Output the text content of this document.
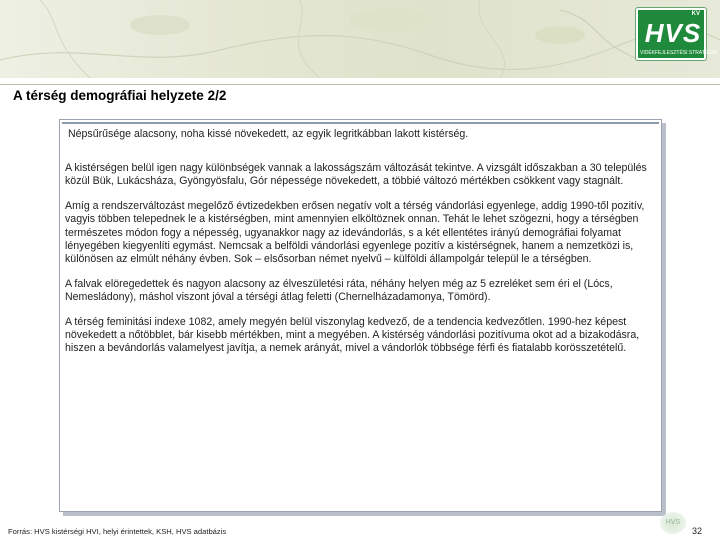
KV
HVS
VIDÉKFEJLESZTÉSI STRATÉGIA
A térség demográfiai helyzete 2/2
Népsűrűsége alacsony, noha kissé növekedett, az egyik legritkábban lakott kistérség.

A kistérségen belül igen nagy különbségek vannak a lakosságszám változását tekintve. A vizsgált időszakban a 30 település közül Bük, Lukácsháza, Gyöngyösfalu, Gór népessége növekedett, a többié változó mértékben csökkent vagy stagnált.

Amíg a rendszerváltozást megelőző évtizedekben erősen negatív volt a térség vándorlási egyenlege, addig 1990-től pozitív, vagyis többen telepednek le a kistérségben, mint amennyien elköltöznek onnan. Tehát le lehet szögezni, hogy a térségben természetes módon fogy a népesség, ugyanakkor nagy az idevándorlás, s a két ellentétes irányú demográfiai folyamat lényegében kiegyenlíti egymást. Nemcsak a belföldi vándorlási egyenlege pozitív a kistérségnek, hanem a nemzetközi is, különösen az elmúlt néhány évben. Sok – elsősorban német nyelvű – külföldi állampolgár települ le a térségben.

A falvak elöregedettek és nagyon alacsony az élveszületési ráta, néhány helyen még az 5 ezreléket sem éri el (Lócs, Nemesládony), máshol viszont jóval a térségi átlag feletti (Chernelházadamonya, Tömörd).

A térség feminitási indexe 1082, amely megyén belül viszonylag kedvező, de a tendencia kedvezőtlen. 1990-hez képest növekedett a nőtöbblet, bár kisebb mértékben, mint a megyében. A kistérség vándorlási pozitívuma okot ad a bizakodásra, hiszen a bevándorlás valamelyest javítja, a nemek arányát, mivel a vándorlók többsége férfi és fiatalabb korösszetételű.

Forrás: HVS kistérségi HVI, helyi érintettek, KSH, HVS adatbázis
HVS
32
